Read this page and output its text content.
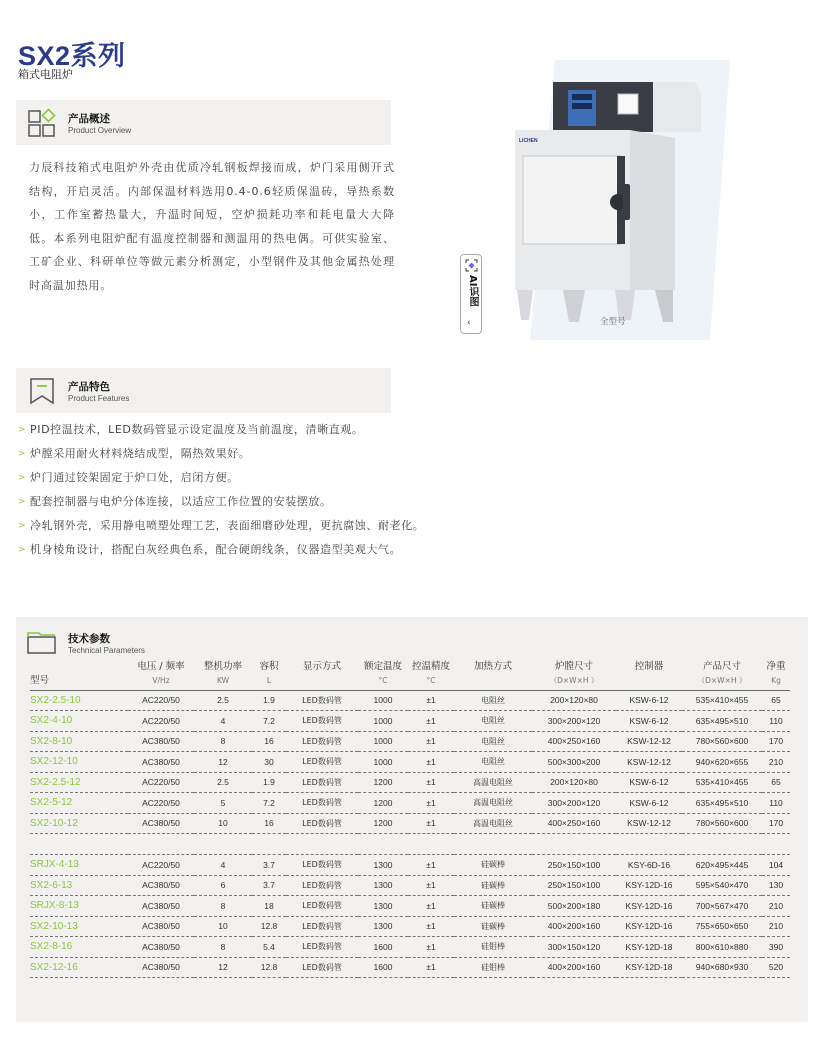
SX2系列
箱式电阻炉
产品概述
Product Overview

力辰科技箱式电阻炉外壳由优质冷轧钢板焊接而成，炉门采用侧开式结构，开启灵活。内部保温材料选用0.4-0.6轻质保温砖，导热系数小，工作室蓄热量大，升温时间短，空炉损耗功率和耗电量大大降低。本系列电阻炉配有温度控制器和测温用的热电偶。可供实验室、工矿企业、科研单位等做元素分析测定，小型钢件及其他金属热处理时高温加热用。

LICHEN
全型号
AI识图
‹
产品特色
Product Features
> PID控温技术，LED数码管显示设定温度及当前温度，清晰直观。
> 炉膛采用耐火材料烧结成型，隔热效果好。
> 炉门通过铰架固定于炉口处，启闭方便。
> 配套控制器与电炉分体连接，以适应工作位置的安装摆放。
> 冷轧钢外壳，采用静电喷塑处理工艺，表面细磨砂处理，更抗腐蚀、耐老化。
> 机身棱角设计，搭配白灰经典色系，配合硬朗线条，仪器造型美观大气。
技术参数
Technical Parameters
型号	电压 / 频率	整机功率	容积	显示方式	额定温度	控温精度	加热方式	炉膛尺寸	控制器	产品尺寸	净重
	V/Hz	KW	L		°C	°C		（D×W×H ）		（D×W×H ）	Kg
SX2-2.5-10	AC220/50	2.5	1.9	LED数码管	1000	±1	电阻丝	200×120×80	KSW-6-12	535×410×455	65
SX2-4-10	AC220/50	4	7.2	LED数码管	1000	±1	电阻丝	300×200×120	KSW-6-12	635×495×510	110
SX2-8-10	AC380/50	8	16	LED数码管	1000	±1	电阻丝	400×250×160	KSW-12-12	780×560×600	170
SX2-12-10	AC380/50	12	30	LED数码管	1000	±1	电阻丝	500×300×200	KSW-12-12	940×620×655	210
SX2-2.5-12	AC220/50	2.5	1.9	LED数码管	1200	±1	高温电阻丝	200×120×80	KSW-6-12	535×410×455	65
SX2-5-12	AC220/50	5	7.2	LED数码管	1200	±1	高温电阻丝	300×200×120	KSW-6-12	635×495×510	110
SX2-10-12	AC380/50	10	16	LED数码管	1200	±1	高温电阻丝	400×250×160	KSW-12-12	780×560×600	170

SRJX-4-13	AC220/50	4	3.7	LED数码管	1300	±1	硅碳棒	250×150×100	KSY-6D-16	620×495×445	104
SX2-6-13	AC380/50	6	3.7	LED数码管	1300	±1	硅碳棒	250×150×100	KSY-12D-16	595×540×470	130
SRJX-8-13	AC380/50	8	18	LED数码管	1300	±1	硅碳棒	500×200×180	KSY-12D-16	700×567×470	210
SX2-10-13	AC380/50	10	12.8	LED数码管	1300	±1	硅碳棒	400×200×160	KSY-12D-16	755×650×650	210
SX2-8-16	AC380/50	8	5.4	LED数码管	1600	±1	硅钼棒	300×150×120	KSY-12D-18	800×610×880	390
SX2-12-16	AC380/50	12	12.8	LED数码管	1600	±1	硅钼棒	400×200×160	KSY-12D-18	940×680×930	520
